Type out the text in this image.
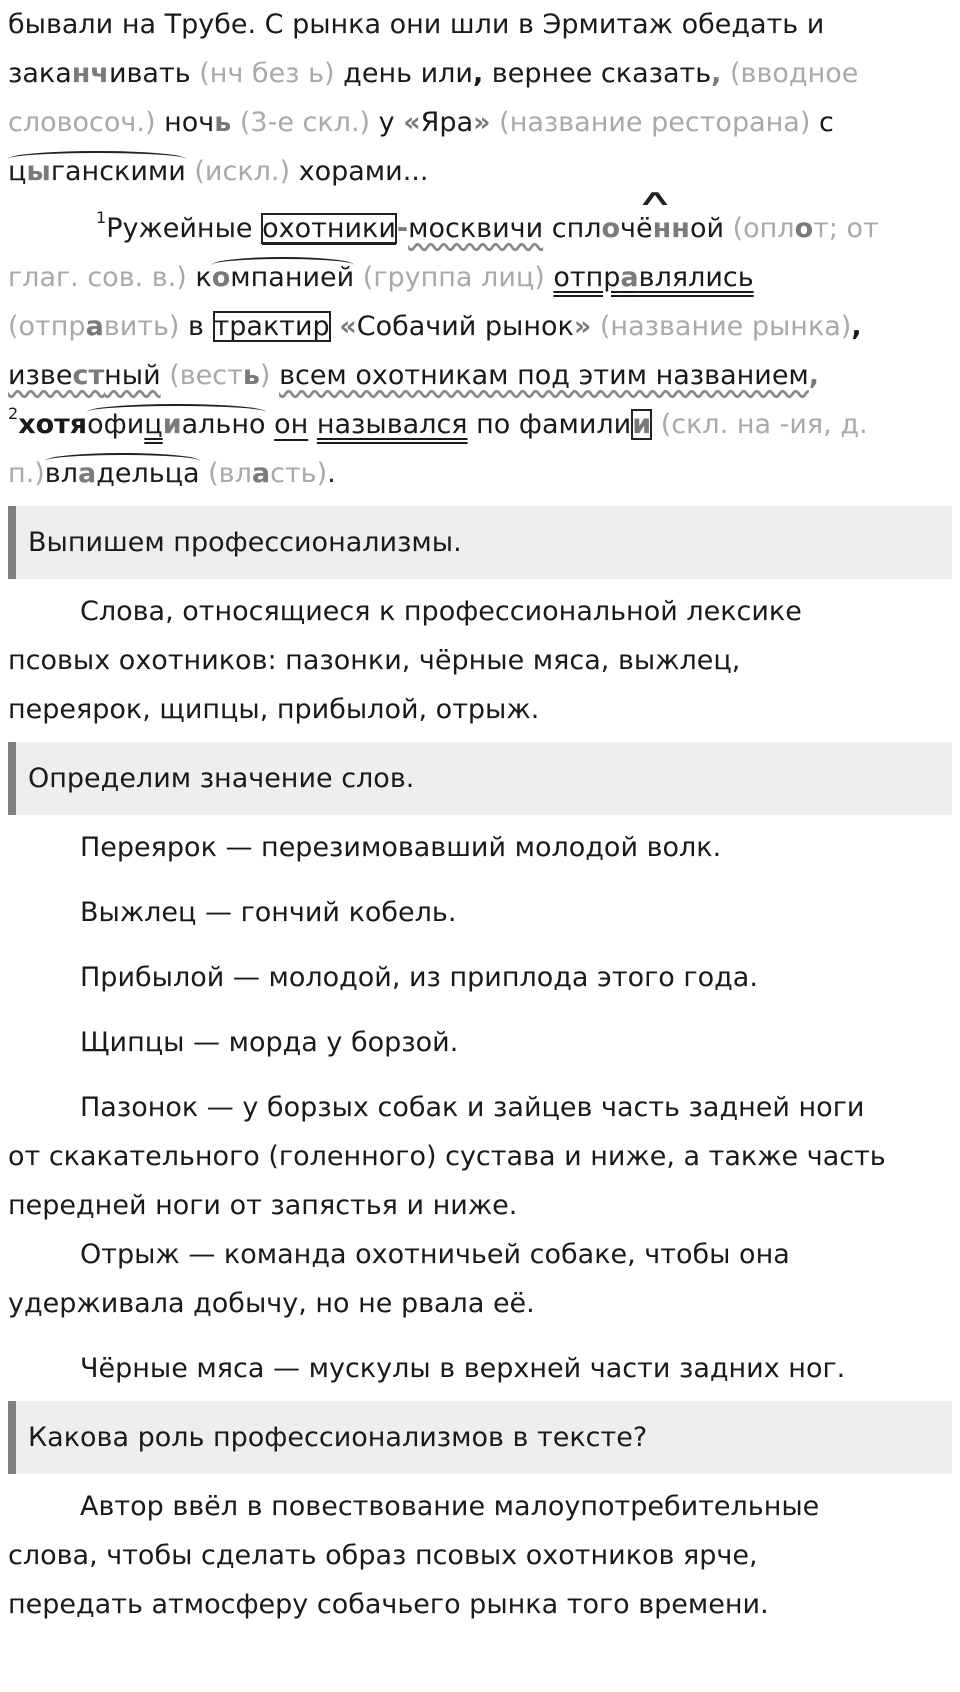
бывали на Трубе. С рынка они шли в Эрмитаж обедать и
заканчивать (нч без ь) день или, вернее сказать, (вводное
словосоч.) ночь (3-е скл.) у «Яра» (название ресторана) с
цыганскими (искл.) хорами...
$^1$Ружейные охотники-москвичи спло∧ чённой (оплот; от
глаг. сов. в.) компанией (группа лиц) отправлялись
(отправить) в трактир «Собачий рынок» (название рынка),
известный (весть) всем охотникам под этим названием,
$^2$хотяофициально он назывался по фамилии (скл. на -ия, д.
п.)владельца (власть).
Выпишем профессионализмы.
Слова, относящиеся к профессиональной лексике
псовых охотников: пазонки, чёрные мяса, выжлец,
переярок, щипцы, прибылой, отрыж.
Определим значение слов.
Переярок — перезимовавший молодой волк.
Выжлец — гончий кобель.
Прибылой — молодой, из приплода этого года.
Щипцы — морда у борзой.
Пазонок — у борзых собак и зайцев часть задней ноги
от скакательного (голенного) сустава и ниже, а также часть
передней ноги от запястья и ниже.
Отрыж — команда охотничьей собаке, чтобы она
удерживала добычу, но не рвала её.
Чёрные мяса — мускулы в верхней части задних ног.
Какова роль профессионализмов в тексте?
Автор ввёл в повествование малоупотребительные
слова, чтобы сделать образ псовых охотников ярче,
передать атмосферу собачьего рынка того времени.
